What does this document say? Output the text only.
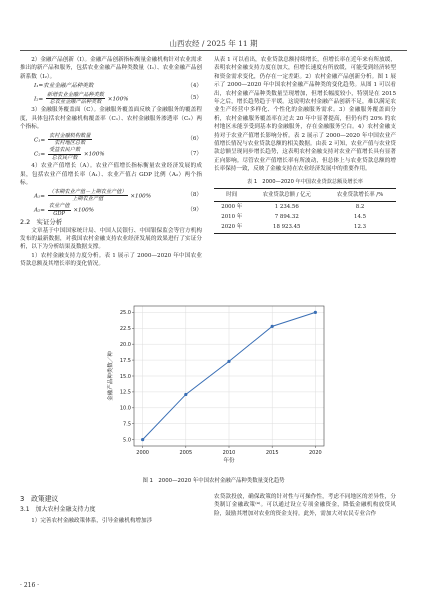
山西农经 / 2025 年 11 期

2）金融产品创新（I）。金融产品创新指标衡量金融机构针对农业需求推出的新产品和服务，包括农业金融产品种类数量（I₁）、农业金融产品创新系数（I₂）。

I₁=农业金融产品种类数	（4）
$I_2= \frac{\text{新增农业金融产品种类数}}{\text{总农业金融产品种类数}} \times 100\%$	（5）

3）金融服务覆盖面（C）。金融服务覆盖面反映了金融服务的覆盖程度，具体包括农村金融机构覆盖率（C₁）、农村金融服务渗透率（C₂）两个指标。

$C_1= \frac{\text{农村金融机构数量}}{\text{农村地区总数}}$	（6）
$C_2= \frac{\text{受益农民户数}}{\text{总农民户数}} \times 100\%$	（7）

4）农业产值增长（A）。农业产值增长指标衡量农业经济发展的成果，包括农业产值增长率（A₁）、农业产值占 GDP 比例（A₂）两个指标。

$A_1= \frac{\text{（本期农业产值－上期农业产值）}}{\text{上期农业产值}} \times 100\%$	（8）
$A_2= \frac{\text{农业产值}}{\text{GDP}} \times 100\%$	（9）

2.2　实证分析

文章基于中国国家统计局、中国人民银行、中国银保监会等官方机构发布的最新数据，对我国农村金融支持农业经济发展的效果进行了实证分析，以下为分析结果及数据支撑。

1）农村金融支持力度分析。表 1 展示了 2000—2020 年中国农业贷款总额及其增长率的变化情况。

从表 1 可以看出，农业贷款总额持续增长，但增长率在近年来有所放缓，表明农村金融支持力度在加大，但增长速度有所放缓，可能受到经济转型和资金需求变化，仍存在一定差距。2）农村金融产品创新分析。图 1 展示了 2000—2020 年中国农村金融产品种类的变化趋势。从图 1 可以看出，农村金融产品种类数量呈现增加，但增长幅度较小，特别是在 2015 年之后，增长趋势趋于平缓。这说明农村金融产品创新不足，难以满足农业生产经营中多样化、个性化的金融服务需求。3）金融服务覆盖面分析，农村金融服务覆盖率在过去 20 年中显著提高，但仍有约 20% 的农村地区未能享受到基本的金融服务，存在金融服务空白。4）农村金融支持对于农业产值增长影响分析。表 2 展示了 2000—2020 年中国农业产值增长情况与农业贷款总额的相关数据。由表 2 可知，农业产值与农业贷款总额呈现同步增长趋势，这表明农村金融支持对农业产值增长具有显著正向影响。尽管农业产值增长率有所波动，但总体上与农业贷款总额的增长率保持一致，反映了金融支持在农业经济发展中的重要作用。

表 1　2000—2020 年中国农业贷款总额及增长率
时间	农业贷款总额 / 亿元	农业贷款增长率 /%
2000 年	1 234.56	8.2
2010 年	7 894.32	14.5
2020 年	18 923.45	12.3
5.0
7.5
10.0
12.5
15.0
17.5
20.0
22.5
25.0
2000	2005	2010	2015	2020
金融产品种类数／种
年份
图 1　2000—2020 年中国农村金融产品种类数量变化趋势
3　政策建议
3.1　加大农村金融支持力度

1）完善农村金融政策体系，引导金融机构增加涉

农贷款投放，确保政策的针对性与可操作性，考虑不同地区的差异性，分类制订金融政策⁽⁴⁾。可以通过设立专项金融资金，降低金融机构放贷风险，鼓励其增加对农业的资金支持。此外，需加大对农民专业合作

· 216 ·
